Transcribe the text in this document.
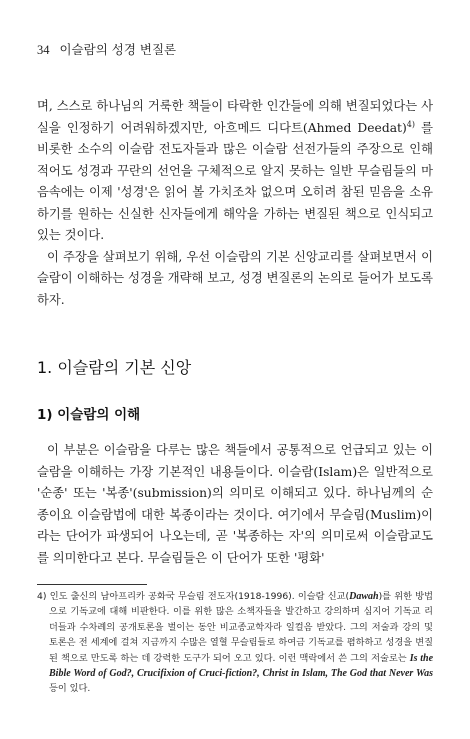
34 이슬람의 성경 변질론

며, 스스로 하나님의 거룩한 책들이 타락한 인간들에 의해 변질되었다는 사실을 인정하기 어려워하겠지만, 아흐메드 디다트(Ahmed Deedat)$^{4)}$ 를 비롯한 소수의 이슬람 전도자들과 많은 이슬람 선전가들의 주장으로 인해 적어도 성경과 꾸란의 선언을 구체적으로 알지 못하는 일반 무슬림들의 마음속에는 이제 '성경'은 읽어 볼 가치조차 없으며 오히려 참된 믿음을 소유하기를 원하는 신실한 신자들에게 해악을 가하는 변질된 책으로 인식되고 있는 것이다.

이 주장을 살펴보기 위해, 우선 이슬람의 기본 신앙교리를 살펴보면서 이슬람이 이해하는 성경을 개략해 보고, 성경 변질론의 논의로 들어가 보도록 하자.

1. 이슬람의 기본 신앙
1) 이슬람의 이해

이 부분은 이슬람을 다루는 많은 책들에서 공통적으로 언급되고 있는 이슬람을 이해하는 가장 기본적인 내용들이다. 이슬람(Islam)은 일반적으로 '순종' 또는 '복종'(submission)의 의미로 이해되고 있다. 하나님께의 순종이요 이슬람법에 대한 복종이라는 것이다. 여기에서 무슬림(Muslim)이라는 단어가 파생되어 나오는데, 곧 '복종하는 자'의 의미로써 이슬람교도를 의미한다고 본다. 무슬림들은 이 단어가 또한 '평화'

4) 인도 출신의 남아프리카 공화국 무슬림 전도자(1918-1996). 이슬람 신교(Dawah)를 위한 방법으로 기독교에 대해 비판한다. 이를 위한 많은 소책자들을 발간하고 강의하며 심지어 기독교 리더들과 수차례의 공개토론을 벌이는 동안 비교종교학자라 일컬음 받았다. 그의 저술과 강의 및 토론은 전 세계에 걸쳐 지금까지 수많은 열혈 무슬림들로 하여금 기독교를 폄하하고 성경을 변질된 책으로 만도록 하는 데 강력한 도구가 되어 오고 있다. 이런 맥락에서 쓴 그의 저술로는 Is the Bible Word of God?, Crucifixion of Cruci-fiction?, Christ in Islam, The God that Never Was 등이 있다.
